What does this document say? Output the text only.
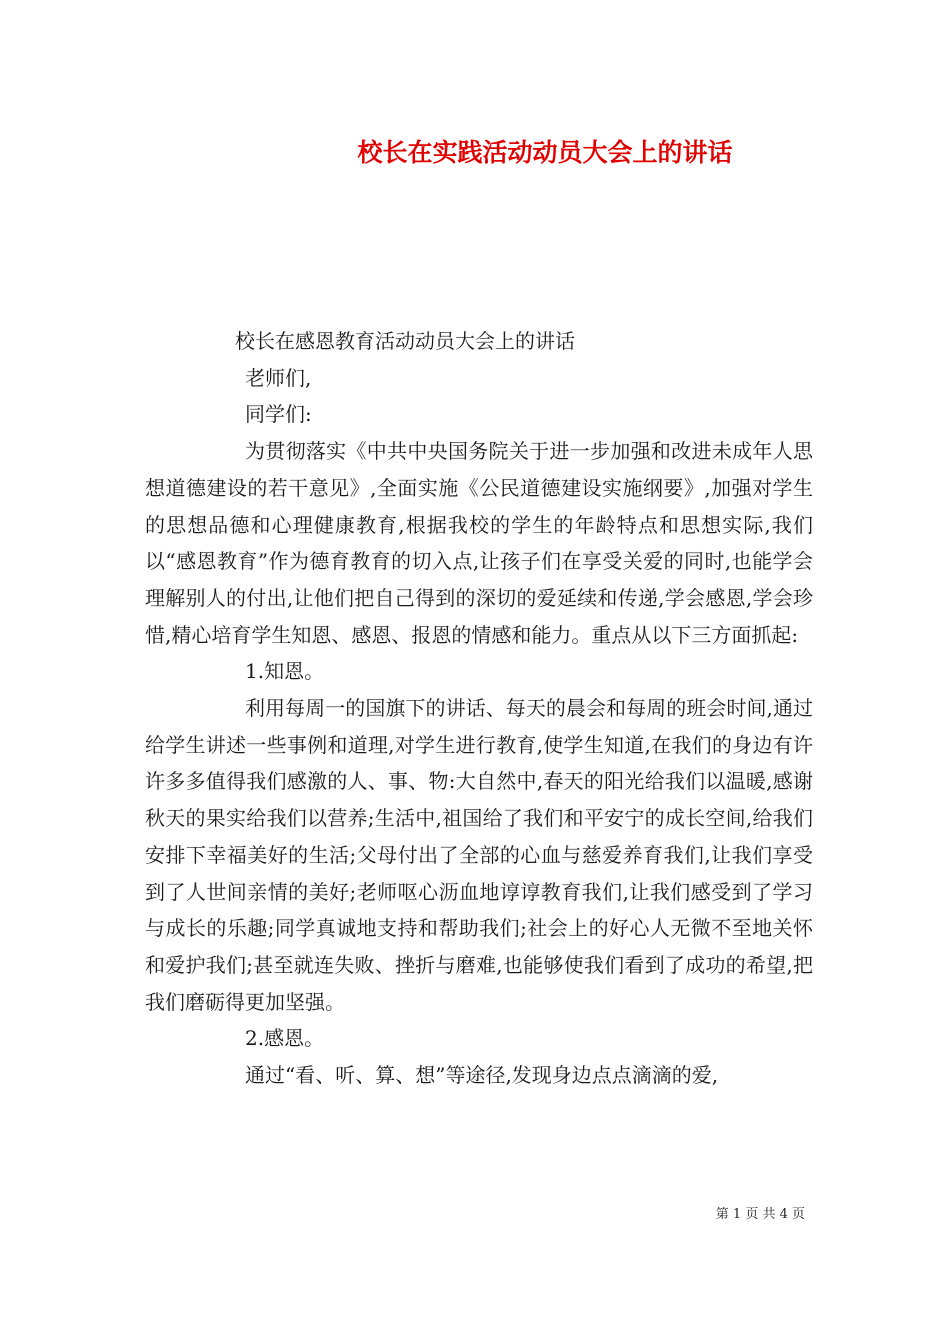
校长在实践活动动员大会上的讲话

校长在感恩教育活动动员大会上的讲话

老师们,

同学们:

为贯彻落实《中共中央国务院关于进一步加强和改进未成年人思想道德建设的若干意见》,全面实施《公民道德建设实施纲要》,加强对学生的思想品德和心理健康教育,根据我校的学生的年龄特点和思想实际,我们以“感恩教育”作为德育教育的切入点,让孩子们在享受关爱的同时,也能学会理解别人的付出,让他们把自己得到的深切的爱延续和传递,学会感恩,学会珍惜,精心培育学生知恩、感恩、报恩的情感和能力。重点从以下三方面抓起:

1.知恩。

利用每周一的国旗下的讲话、每天的晨会和每周的班会时间,通过给学生讲述一些事例和道理,对学生进行教育,使学生知道,在我们的身边有许许多多值得我们感激的人、事、物:大自然中,春天的阳光给我们以温暖,感谢秋天的果实给我们以营养;生活中,祖国给了我们和平安宁的成长空间,给我们安排下幸福美好的生活;父母付出了全部的心血与慈爱养育我们,让我们享受到了人世间亲情的美好;老师呕心沥血地谆谆教育我们,让我们感受到了学习与成长的乐趣;同学真诚地支持和帮助我们;社会上的好心人无微不至地关怀和爱护我们;甚至就连失败、挫折与磨难,也能够使我们看到了成功的希望,把我们磨砺得更加坚强。

2.感恩。

通过“看、听、算、想”等途径,发现身边点点滴滴的爱,

第 1 页 共 4 页
